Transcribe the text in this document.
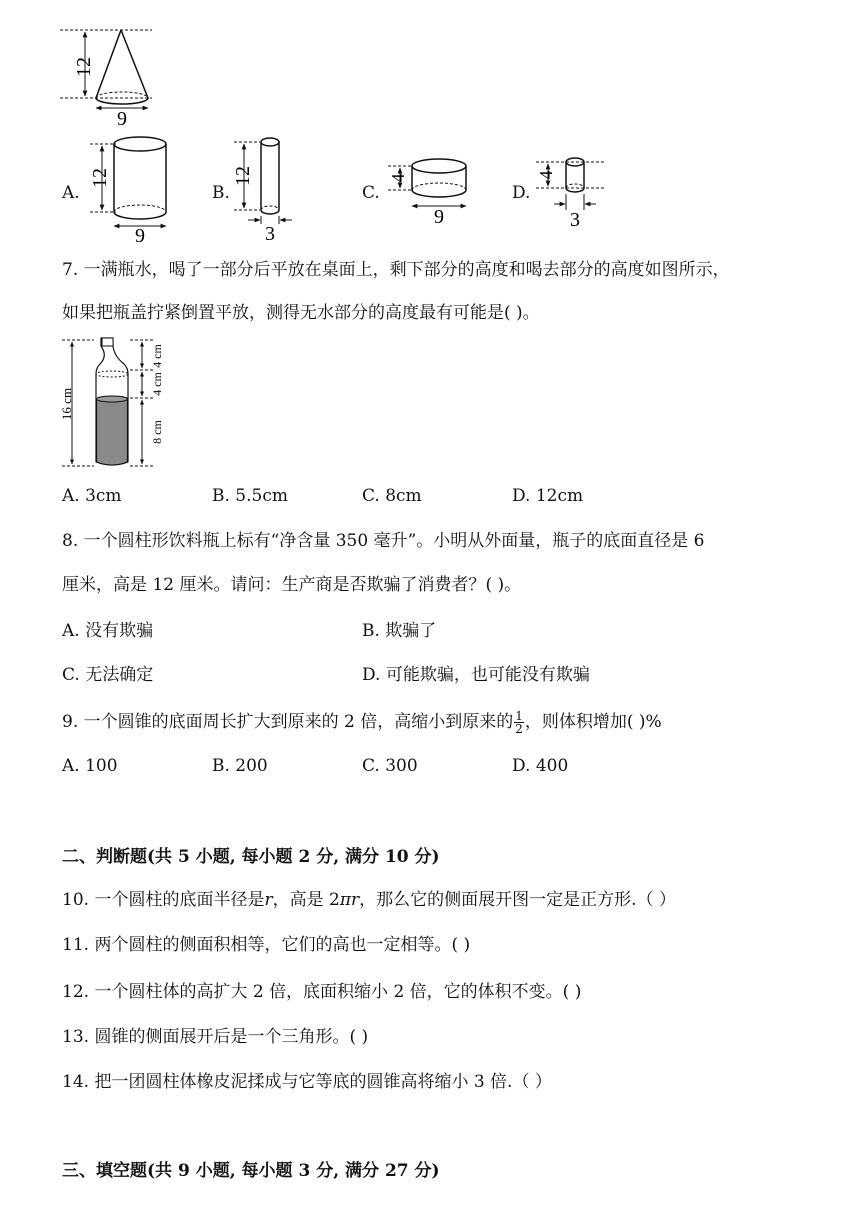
12
9
A.
12
9
B.
12
3
C.
4
9
D.
4
3
7. 一满瓶水，喝了一部分后平放在桌面上，剩下部分的高度和喝去部分的高度如图所示，
如果把瓶盖拧紧倒置平放，测得无水部分的高度最有可能是( )。
16 cm
4 cm
4 cm
8 cm
A. 3cm	B. 5.5cm	C. 8cm	D. 12cm
8. 一个圆柱形饮料瓶上标有“净含量 350 毫升”。小明从外面量，瓶子的底面直径是 6
厘米，高是 12 厘米。请问：生产商是否欺骗了消费者？( )。
A. 没有欺骗	B. 欺骗了
C. 无法确定	D. 可能欺骗，也可能没有欺骗
9. 一个圆锥的底面周长扩大到原来的 2 倍，高缩小到原来的 $\frac{1}{2}$ ，则体积增加( )%
A. 100	B. 200	C. 300	D. 400
二、判断题(共 5 小题, 每小题 2 分, 满分 10 分)
10. 一个圆柱的底面半径是r，高是 2πr，那么它的侧面展开图一定是正方形.（ ）
11. 两个圆柱的侧面积相等，它们的高也一定相等。( )
12. 一个圆柱体的高扩大 2 倍，底面积缩小 2 倍，它的体积不变。( )
13. 圆锥的侧面展开后是一个三角形。( )
14. 把一团圆柱体橡皮泥揉成与它等底的圆锥高将缩小 3 倍.（ ）
三、填空题(共 9 小题, 每小题 3 分, 满分 27 分)
